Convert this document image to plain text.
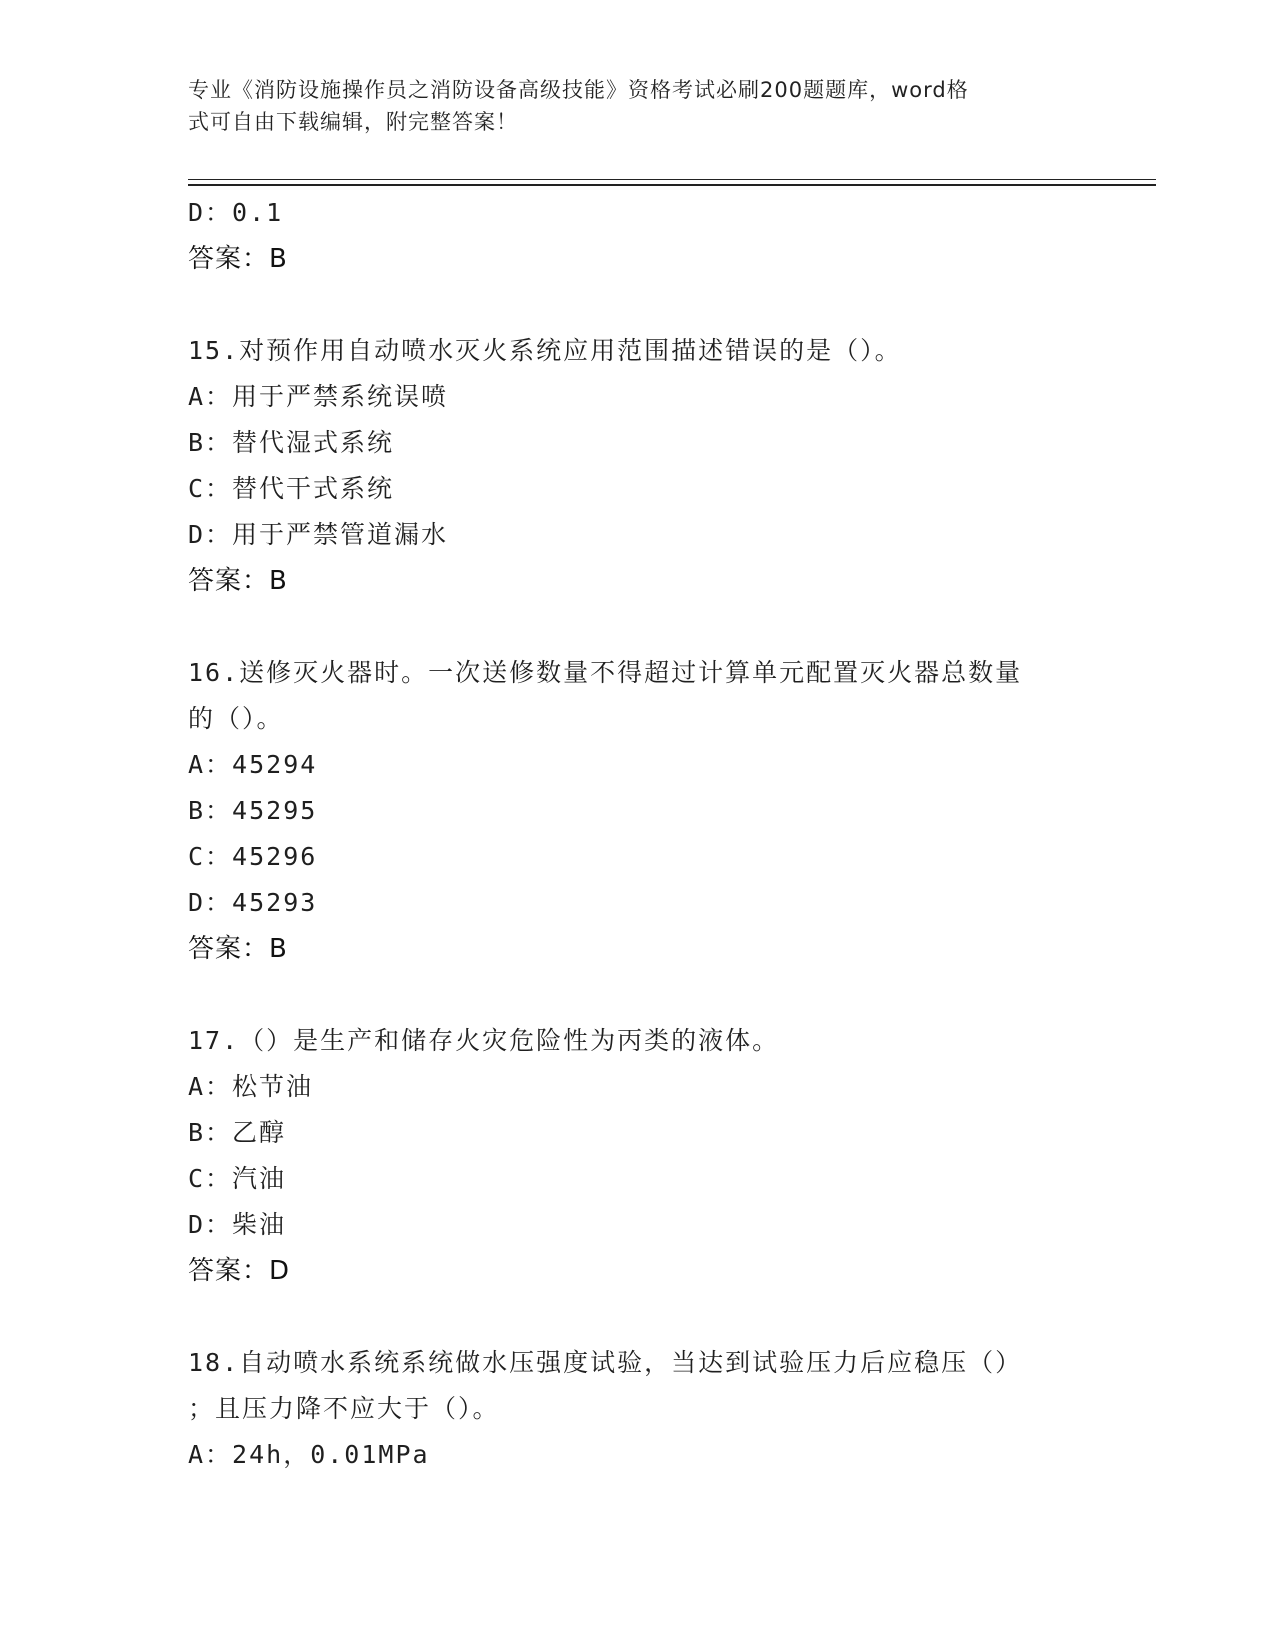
专业《消防设施操作员之消防设备高级技能》资格考试必刷200题题库，word格
式可自由下载编辑，附完整答案！
D：0.1
答案：B
15.对预作用自动喷水灭火系统应用范围描述错误的是（）。
A：用于严禁系统误喷
B：替代湿式系统
C：替代干式系统
D：用于严禁管道漏水
答案：B
16.送修灭火器时。一次送修数量不得超过计算单元配置灭火器总数量
的（）。
A：45294
B：45295
C：45296
D：45293
答案：B
17.（）是生产和储存火灾危险性为丙类的液体。
A：松节油
B：乙醇
C：汽油
D：柴油
答案：D
18.自动喷水系统系统做水压强度试验，当达到试验压力后应稳压（）
；且压力降不应大于（）。
A：24h，0.01MPa
